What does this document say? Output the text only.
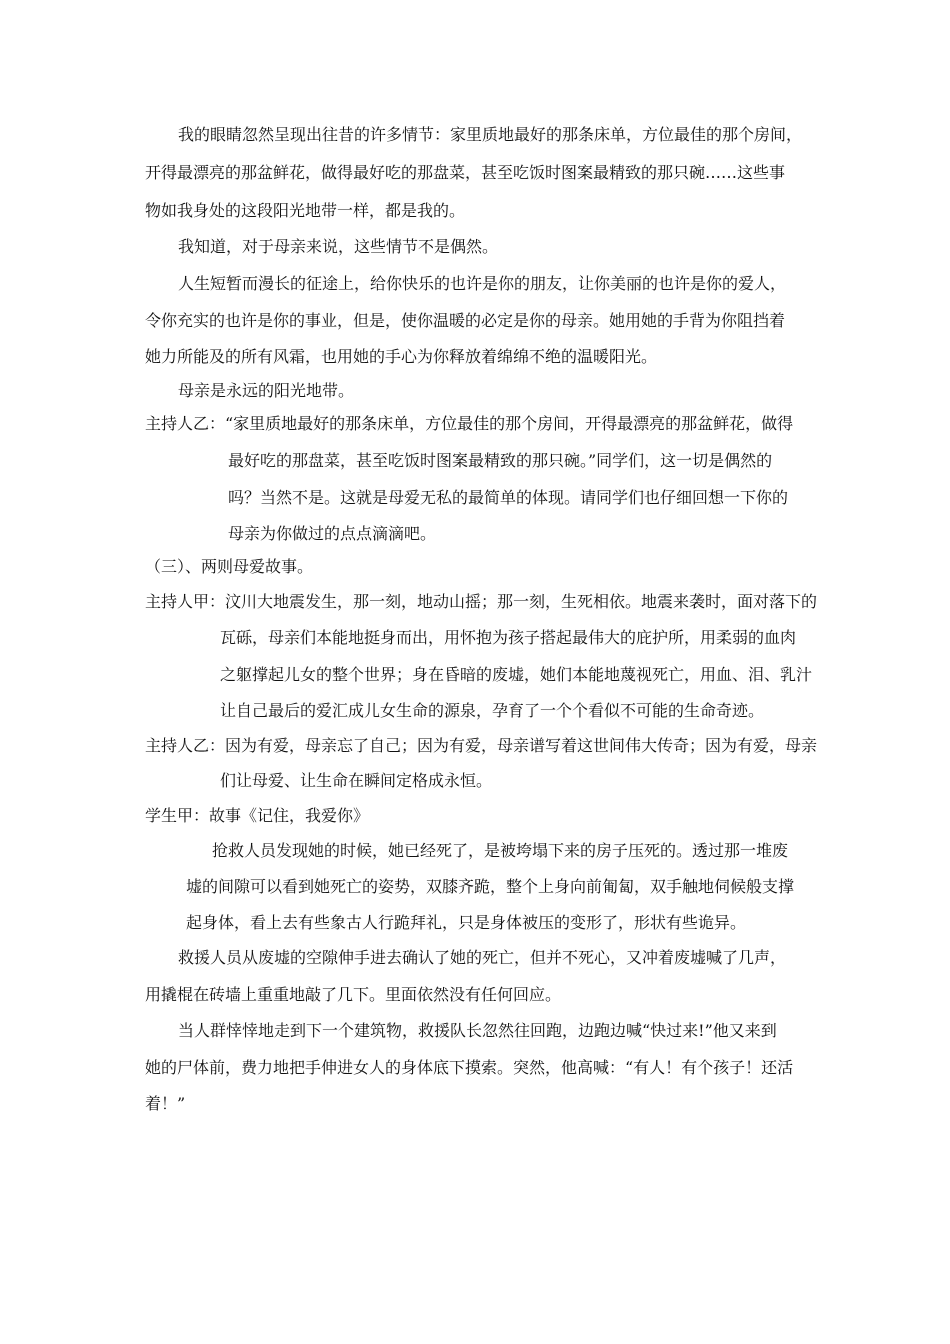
我的眼睛忽然呈现出往昔的许多情节：家里质地最好的那条床单，方位最佳的那个房间，
开得最漂亮的那盆鲜花，做得最好吃的那盘菜，甚至吃饭时图案最精致的那只碗……这些事
物如我身处的这段阳光地带一样，都是我的。
我知道，对于母亲来说，这些情节不是偶然。
人生短暂而漫长的征途上，给你快乐的也许是你的朋友，让你美丽的也许是你的爱人，
令你充实的也许是你的事业，但是，使你温暖的必定是你的母亲。她用她的手背为你阻挡着
她力所能及的所有风霜，也用她的手心为你释放着绵绵不绝的温暖阳光。
母亲是永远的阳光地带。
主持人乙：“家里质地最好的那条床单，方位最佳的那个房间，开得最漂亮的那盆鲜花，做得
最好吃的那盘菜，甚至吃饭时图案最精致的那只碗。”同学们，这一切是偶然的
吗？当然不是。这就是母爱无私的最简单的体现。请同学们也仔细回想一下你的
母亲为你做过的点点滴滴吧。
（三）、两则母爱故事。
主持人甲：汶川大地震发生，那一刻，地动山摇；那一刻，生死相依。地震来袭时，面对落下的
瓦砾，母亲们本能地挺身而出，用怀抱为孩子搭起最伟大的庇护所，用柔弱的血肉
之躯撑起儿女的整个世界；身在昏暗的废墟，她们本能地蔑视死亡，用血、泪、乳汁
让自己最后的爱汇成儿女生命的源泉，孕育了一个个看似不可能的生命奇迹。
主持人乙：因为有爱，母亲忘了自己；因为有爱，母亲谱写着这世间伟大传奇；因为有爱，母亲
们让母爱、让生命在瞬间定格成永恒。
学生甲：故事《记住，我爱你》
抢救人员发现她的时候，她已经死了，是被垮塌下来的房子压死的。透过那一堆废
墟的间隙可以看到她死亡的姿势，双膝齐跪，整个上身向前匍匐，双手触地伺候般支撑
起身体，看上去有些象古人行跪拜礼，只是身体被压的变形了，形状有些诡异。
救援人员从废墟的空隙伸手进去确认了她的死亡，但并不死心，又冲着废墟喊了几声，
用撬棍在砖墙上重重地敲了几下。里面依然没有任何回应。
当人群悻悻地走到下一个建筑物，救援队长忽然往回跑，边跑边喊“快过来!”他又来到
她的尸体前，费力地把手伸进女人的身体底下摸索。突然，他高喊：“有人！有个孩子！还活
着！”
